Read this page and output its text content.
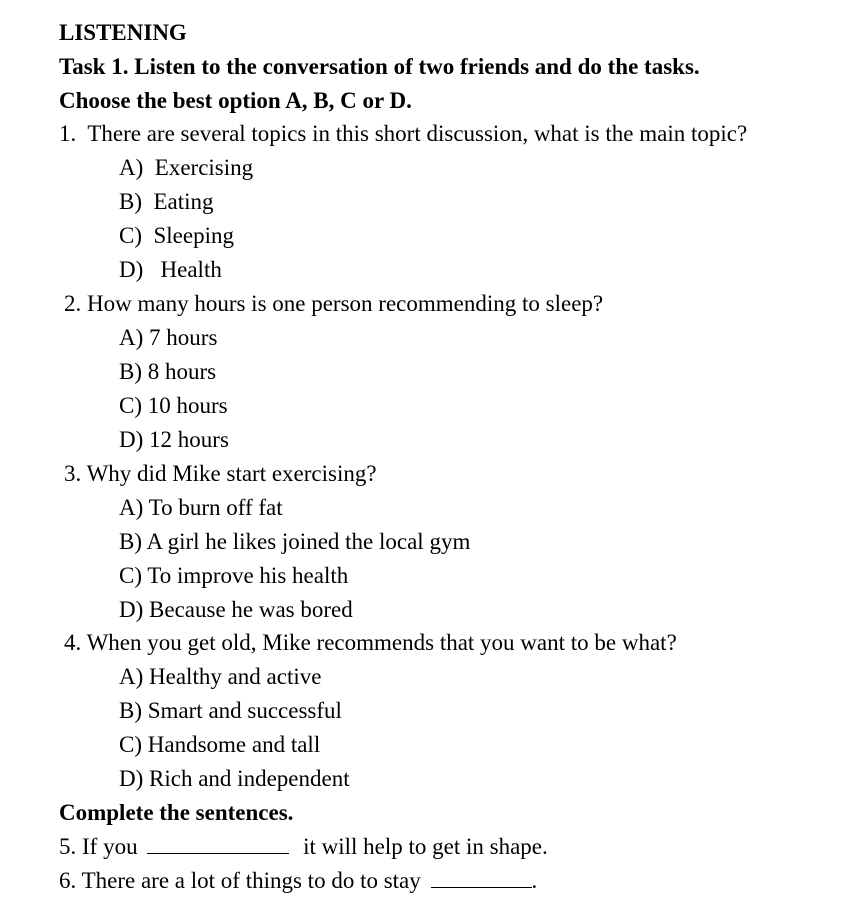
LISTENING
Task 1. Listen to the conversation of two friends and do the tasks.
Choose the best option A, B, C or D.
1. There are several topics in this short discussion, what is the main topic?
A) Exercising
B) Eating
C) Sleeping
D) Health
2. How many hours is one person recommending to sleep?
A) 7 hours
B) 8 hours
C) 10 hours
D) 12 hours
3. Why did Mike start exercising?
A) To burn off fat
B) A girl he likes joined the local gym
C) To improve his health
D) Because he was bored
4. When you get old, Mike recommends that you want to be what?
A) Healthy and active
B) Smart and successful
C) Handsome and tall
D) Rich and independent
Complete the sentences.
5. If you	it will help to get in shape.
6. There are a lot of things to do to stay	.
